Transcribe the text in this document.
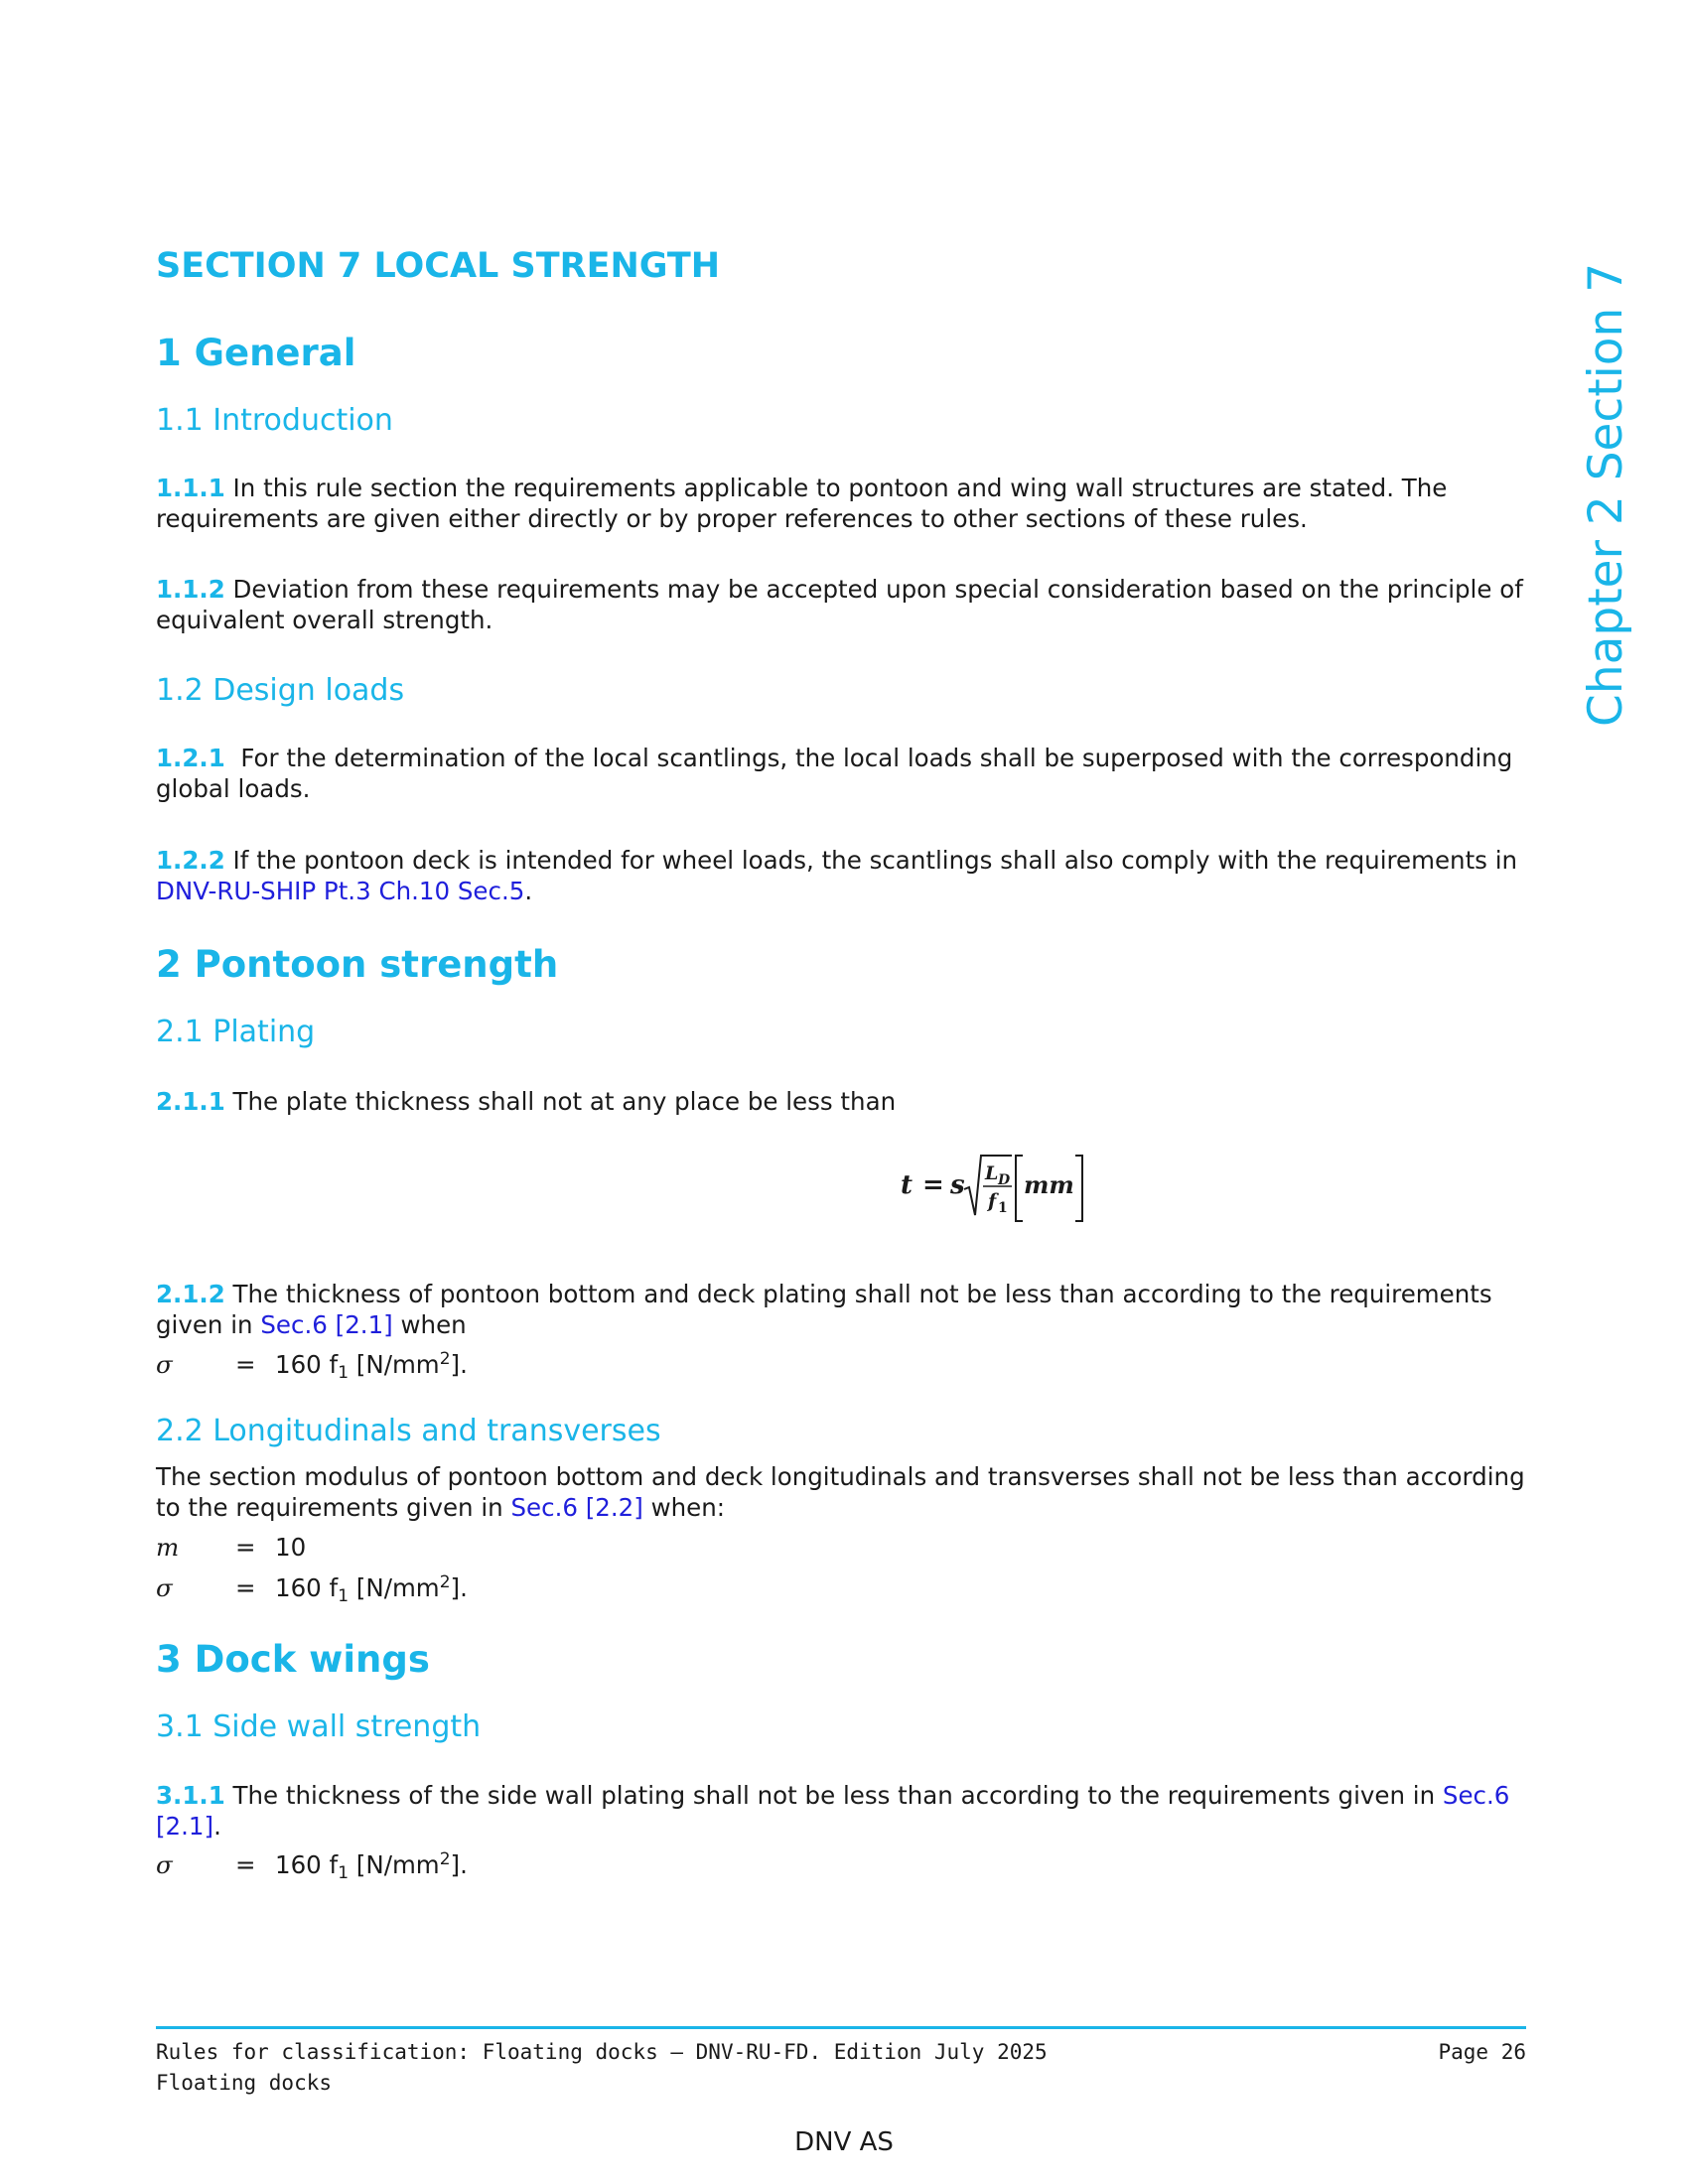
Chapter 2 Section 7
SECTION 7 LOCAL STRENGTH
1 General
1.1 Introduction
1.1.1 In this rule section the requirements applicable to pontoon and wing wall structures are stated. The requirements are given either directly or by proper references to other sections of these rules.
1.1.2 Deviation from these requirements may be accepted upon special consideration based on the principle of equivalent overall strength.
1.2 Design loads
1.2.1  For the determination of the local scantlings, the local loads shall be superposed with the corresponding global loads.
1.2.2 If the pontoon deck is intended for wheel loads, the scantlings shall also comply with the requirements in DNV-RU-SHIP Pt.3 Ch.10 Sec.5.
2 Pontoon strength
2.1 Plating
2.1.1 The plate thickness shall not at any place be less than
t = s L D
f 1
mm
2.1.2 The thickness of pontoon bottom and deck plating shall not be less than according to the requirements given in Sec.6 [2.1] when
σ	= 160 $f_1$ $[N/mm^2]$.
2.2 Longitudinals and transverses
The section modulus of pontoon bottom and deck longitudinals and transverses shall not be less than according to the requirements given in Sec.6 [2.2] when:
m = 10
σ	= 160 $f_1$ $[N/mm^2]$.
3 Dock wings
3.1 Side wall strength
3.1.1 The thickness of the side wall plating shall not be less than according to the requirements given in Sec.6 [2.1].
σ	= 160 $f_1$ $[N/mm^2]$.
Rules for classification: Floating docks — DNV-RU-FD. Edition July 2025
Floating docks
Page 26
DNV AS
